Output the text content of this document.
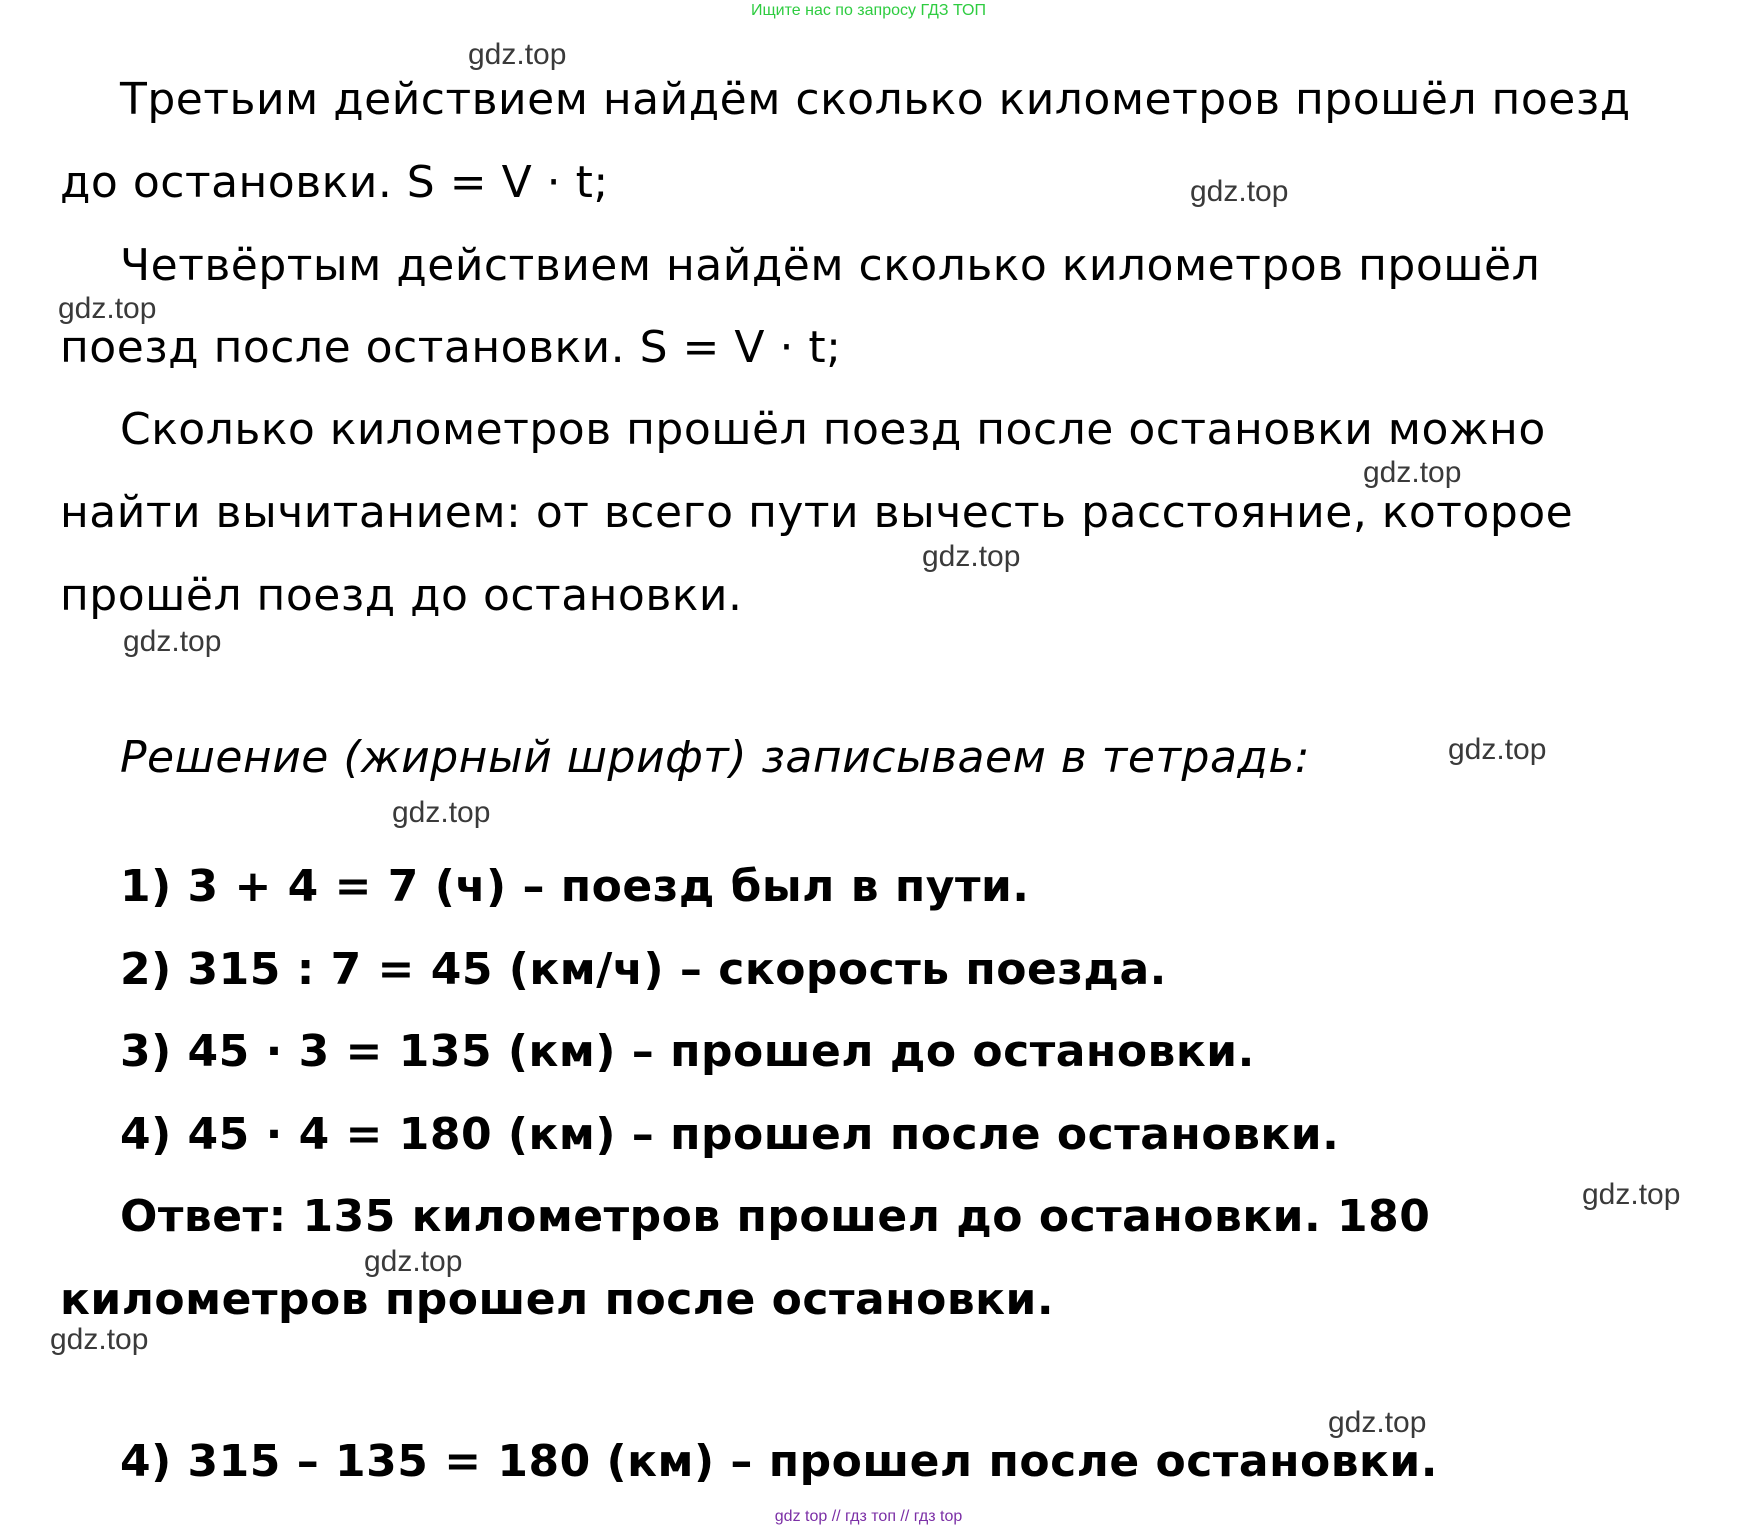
Ищите нас по запросу ГДЗ ТОП
Третьим действием найдём сколько километров прошёл поезд
до остановки. S = V · t;
Четвёртым действием найдём сколько километров прошёл
поезд после остановки. S = V · t;
Сколько километров прошёл поезд после остановки можно
найти вычитанием: от всего пути вычесть расстояние, которое
прошёл поезд до остановки.
Решение (жирный шрифт) записываем в тетрадь:
1) 3 + 4 = 7 (ч) – поезд был в пути.
2) 315 : 7 = 45 (км/ч) – скорость поезда.
3) 45 · 3 = 135 (км) – прошел до остановки.
4) 45 · 4 = 180 (км) – прошел после остановки.
Ответ: 135 километров прошел до остановки. 180
километров прошел после остановки.
4) 315 – 135 = 180 (км) – прошел после остановки.
gdz.top
gdz.top
gdz.top
gdz.top
gdz.top
gdz.top
gdz.top
gdz.top
gdz.top
gdz.top
gdz.top
gdz.top
gdz top // гдз топ // гдз top
